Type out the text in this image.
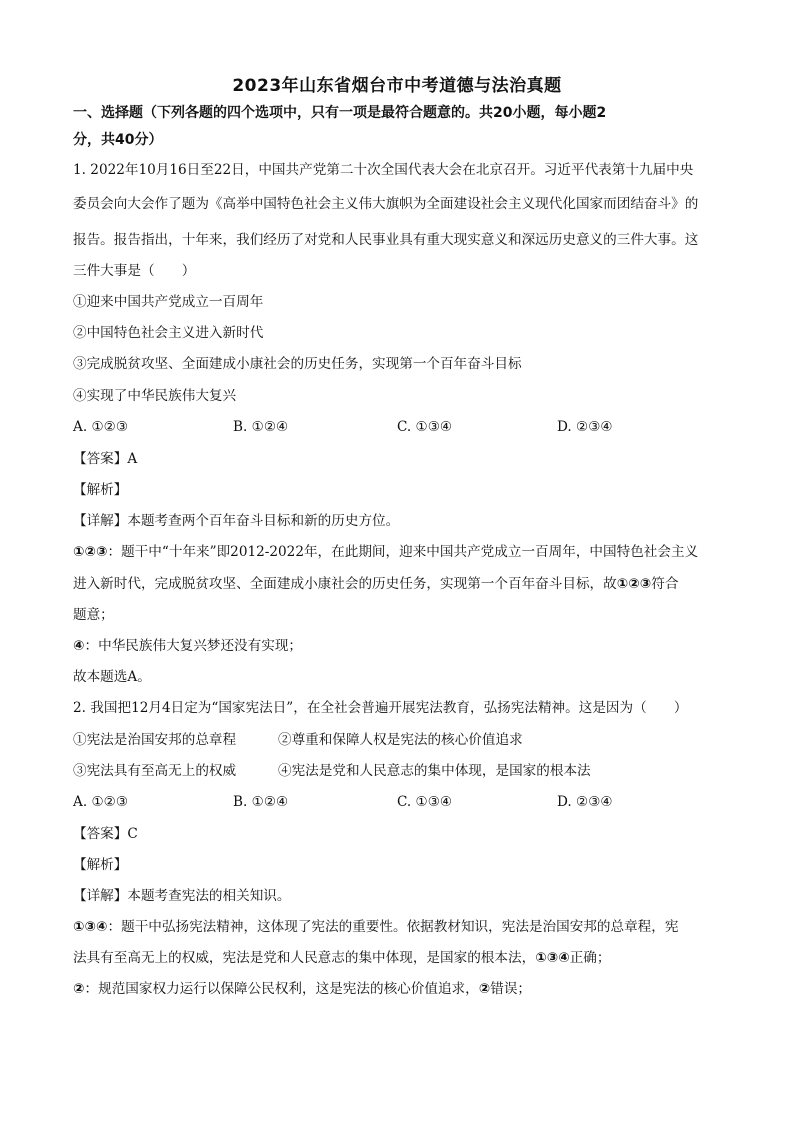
2023年山东省烟台市中考道德与法治真题
一、选择题（下列各题的四个选项中，只有一项是最符合题意的。共20小题，每小题2
分，共40分）
1. 2022年10月16日至22日，中国共产党第二十次全国代表大会在北京召开。习近平代表第十九届中央
委员会向大会作了题为《高举中国特色社会主义伟大旗帜为全面建设社会主义现代化国家而团结奋斗》的
报告。报告指出，十年来，我们经历了对党和人民事业具有重大现实意义和深远历史意义的三件大事。这
三件大事是（　　）
①迎来中国共产党成立一百周年
②中国特色社会主义进入新时代
③完成脱贫攻坚、全面建成小康社会的历史任务，实现第一个百年奋斗目标
④实现了中华民族伟大复兴
A. ①②③	B. ①②④	C. ①③④	D. ②③④
【答案】A
【解析】
【详解】本题考查两个百年奋斗目标和新的历史方位。
①②③：题干中“十年来”即2012-2022年，在此期间，迎来中国共产党成立一百周年，中国特色社会主义
进入新时代，完成脱贫攻坚、全面建成小康社会的历史任务，实现第一个百年奋斗目标，故①②③符合
题意；
④：中华民族伟大复兴梦还没有实现；
故本题选A。
2. 我国把12月4日定为“国家宪法日”，在全社会普遍开展宪法教育，弘扬宪法精神。这是因为（　　）
①宪法是治国安邦的总章程	②尊重和保障人权是宪法的核心价值追求
③宪法具有至高无上的权威	④宪法是党和人民意志的集中体现，是国家的根本法
A. ①②③	B. ①②④	C. ①③④	D. ②③④
【答案】C
【解析】
【详解】本题考查宪法的相关知识。
①③④：题干中弘扬宪法精神，这体现了宪法的重要性。依据教材知识，宪法是治国安邦的总章程，宪
法具有至高无上的权威，宪法是党和人民意志的集中体现，是国家的根本法，①③④正确；
②：规范国家权力运行以保障公民权利，这是宪法的核心价值追求，②错误；
